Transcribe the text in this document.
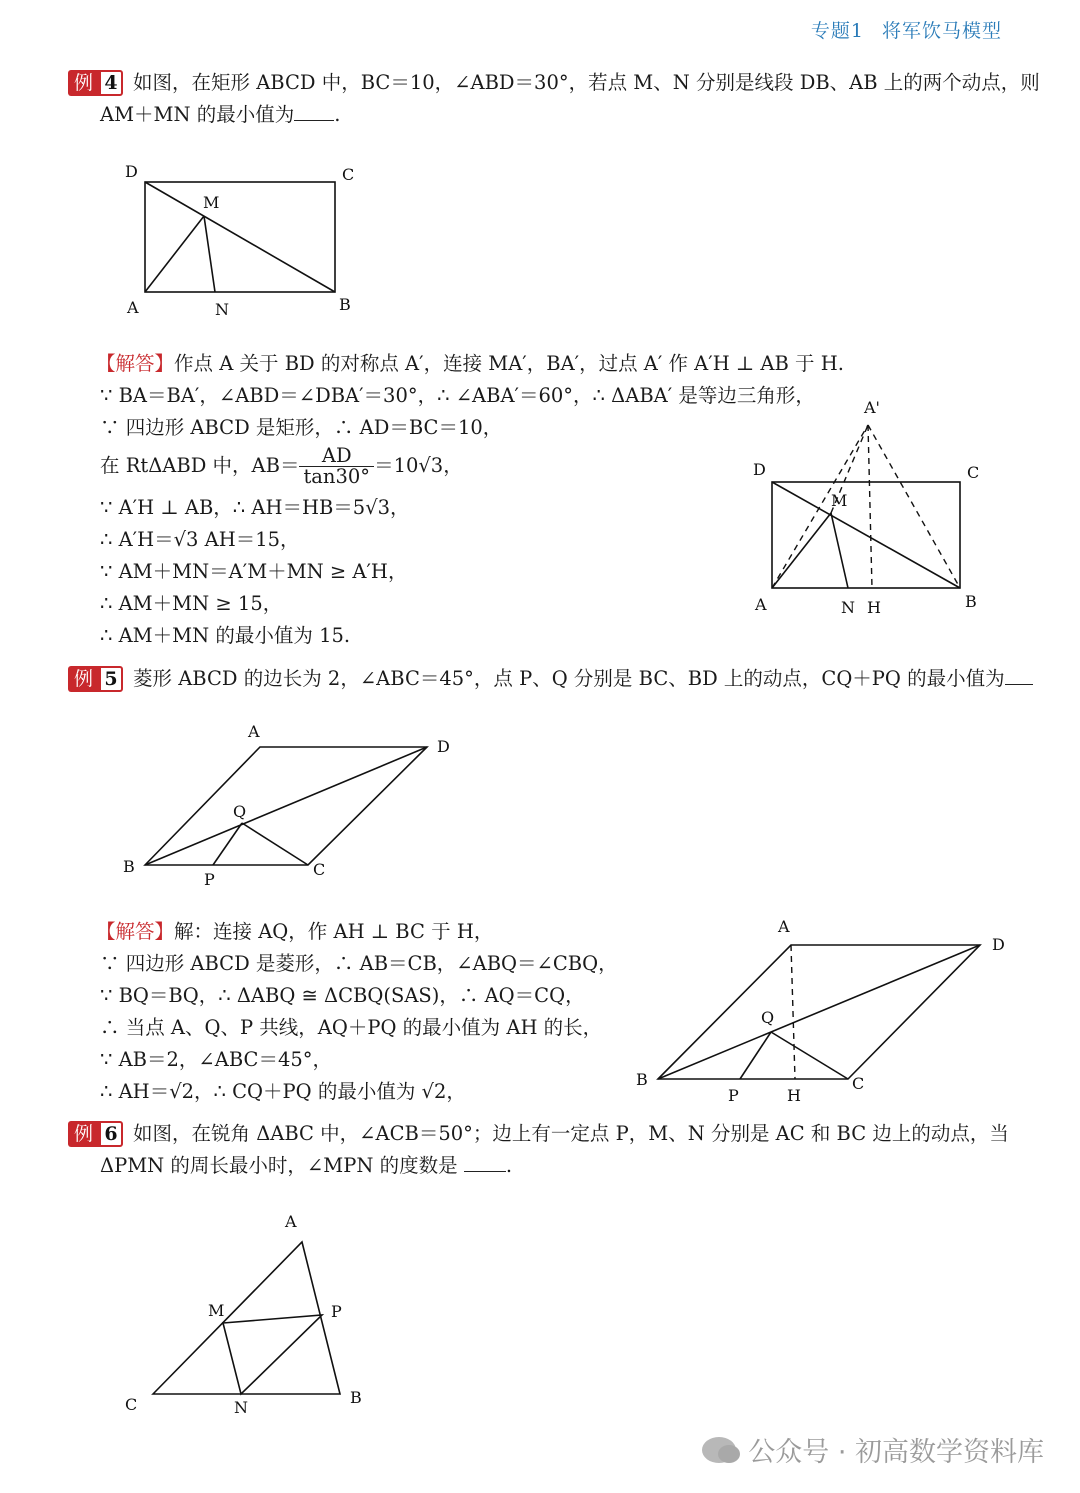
专题1 将军饮马模型
例 4 如图，在矩形 ABCD 中，BC＝10，∠ABD＝30°，若点 M、N 分别是线段 DB、AB 上的两个动点，则
AM＋MN 的最小值为 .
D	C
M
A	N	B
【解答】作点 A 关于 BD 的对称点 A′，连接 MA′，BA′，过点 A′ 作 A′H ⊥ AB 于 H.
∵ BA＝BA′，∠ABD＝∠DBA′＝30°，∴ ∠ABA′＝60°，∴ ΔABA′ 是等边三角形，
∵ 四边形 ABCD 是矩形，∴ AD＝BC＝10，
在 RtΔABD 中，$AB= \frac{AD}{\tan 30^\circ} =10√3$，
∵ A′H ⊥ AB，∴ AH＝HB＝5√3，
∴ A′H＝√3 AH＝15，
∵ AM＋MN＝A′M＋MN ≥ A′H，
∴ AM＋MN ≥ 15，
∴ AM＋MN 的最小值为 15.
A'
D	C
M
A	N H	B
例 5 菱形 ABCD 的边长为 2，∠ABC＝45°，点 P、Q 分别是 BC、BD 上的动点，CQ＋PQ 的最小值为
A
D
Q
B
P
C
【解答】解：连接 AQ，作 AH ⊥ BC 于 H，
∵ 四边形 ABCD 是菱形，∴ AB＝CB，∠ABQ＝∠CBQ，
∵ BQ＝BQ，∴ ΔABQ ≅ ΔCBQ(SAS)，∴ AQ＝CQ，
∴ 当点 A、Q、P 共线，AQ＋PQ 的最小值为 AH 的长，
∵ AB＝2，∠ABC＝45°，
∴ AH＝√2，∴ CQ＋PQ 的最小值为 √2，
A
D
Q
B
P	H
C
例 6 如图，在锐角 ΔABC 中，∠ACB＝50°；边上有一定点 P，M、N 分别是 AC 和 BC 边上的动点，当
ΔPMN 的周长最小时，∠MPN 的度数是 .
A
M	P
C	N
B
公众号 · 初高数学资料库
